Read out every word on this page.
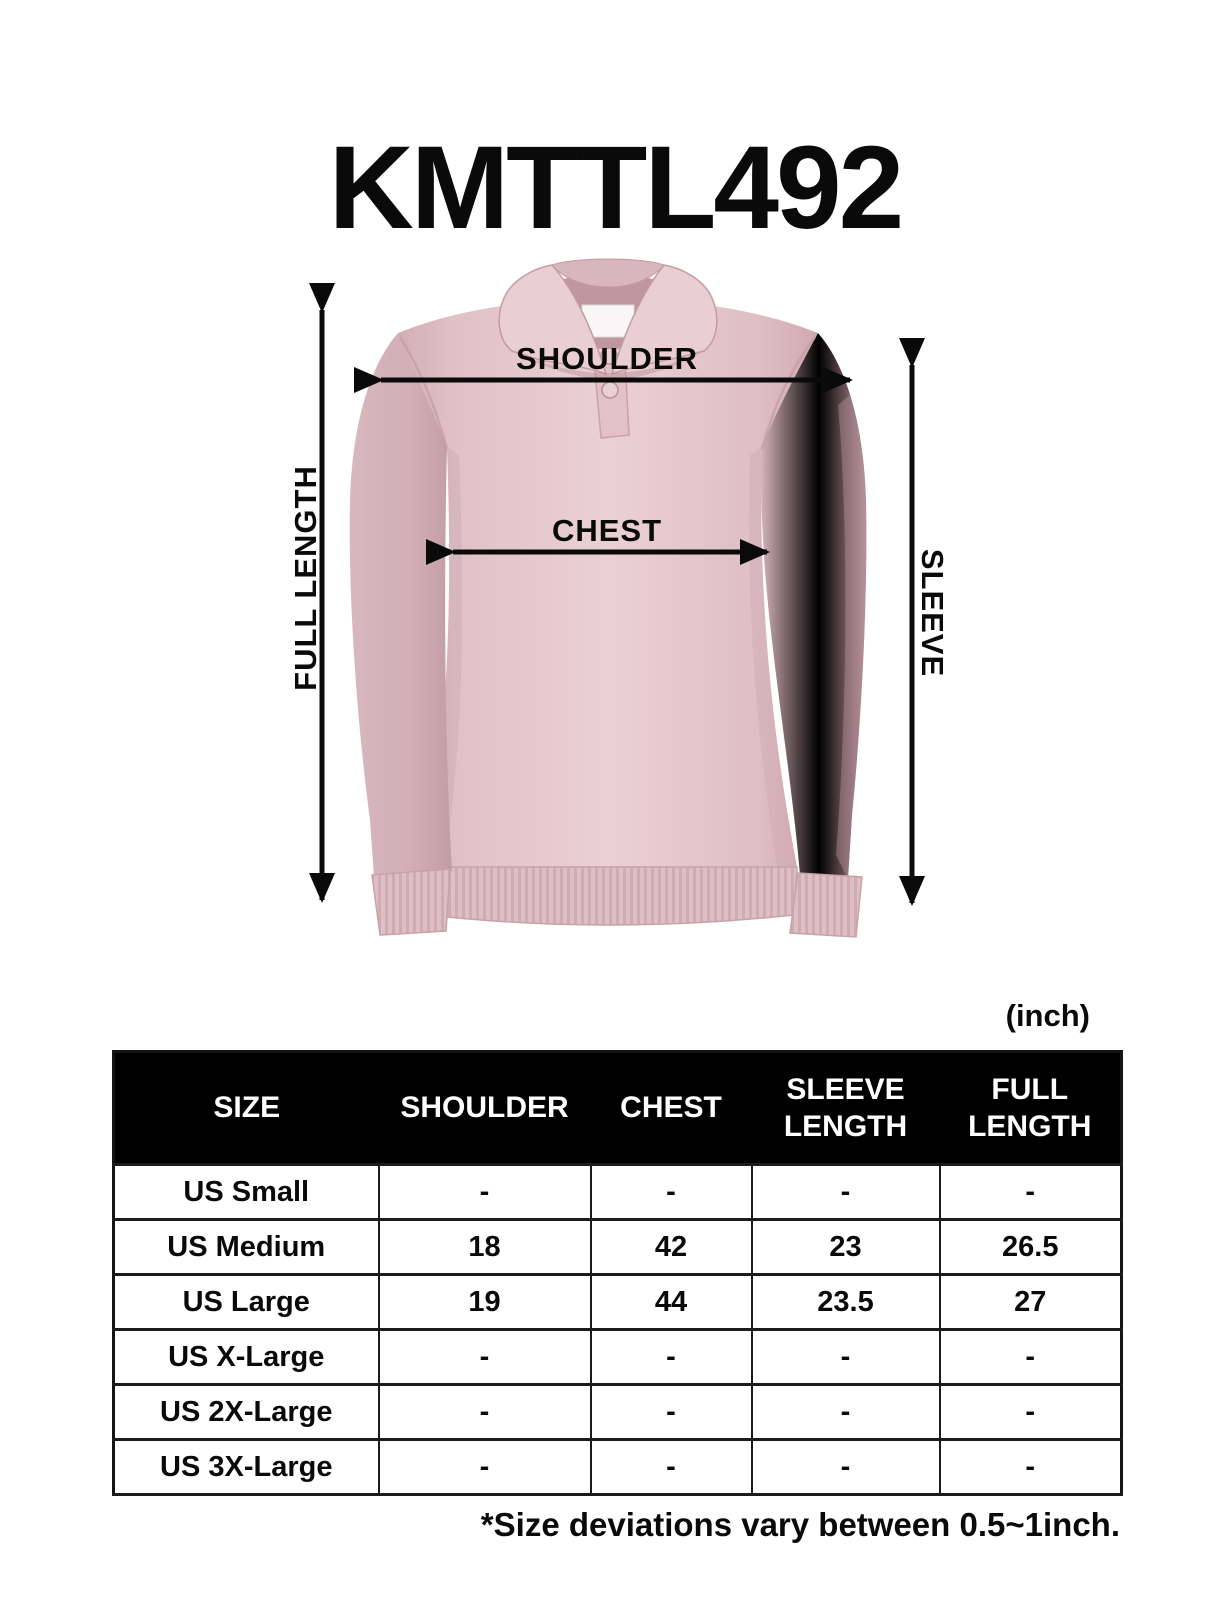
KMTTL492
SHOULDER
CHEST
FULL LENGTH	SLEEVE
(inch)
SIZE	SHOULDER	CHEST	SLEEVE LENGTH	FULL LENGTH
US Small	-	-	-	-
US Medium	18	42	23	26.5
US Large	19	44	23.5	27
US X-Large	-	-	-	-
US 2X-Large	-	-	-	-
US 3X-Large	-	-	-	-
*Size deviations vary between 0.5~1inch.
